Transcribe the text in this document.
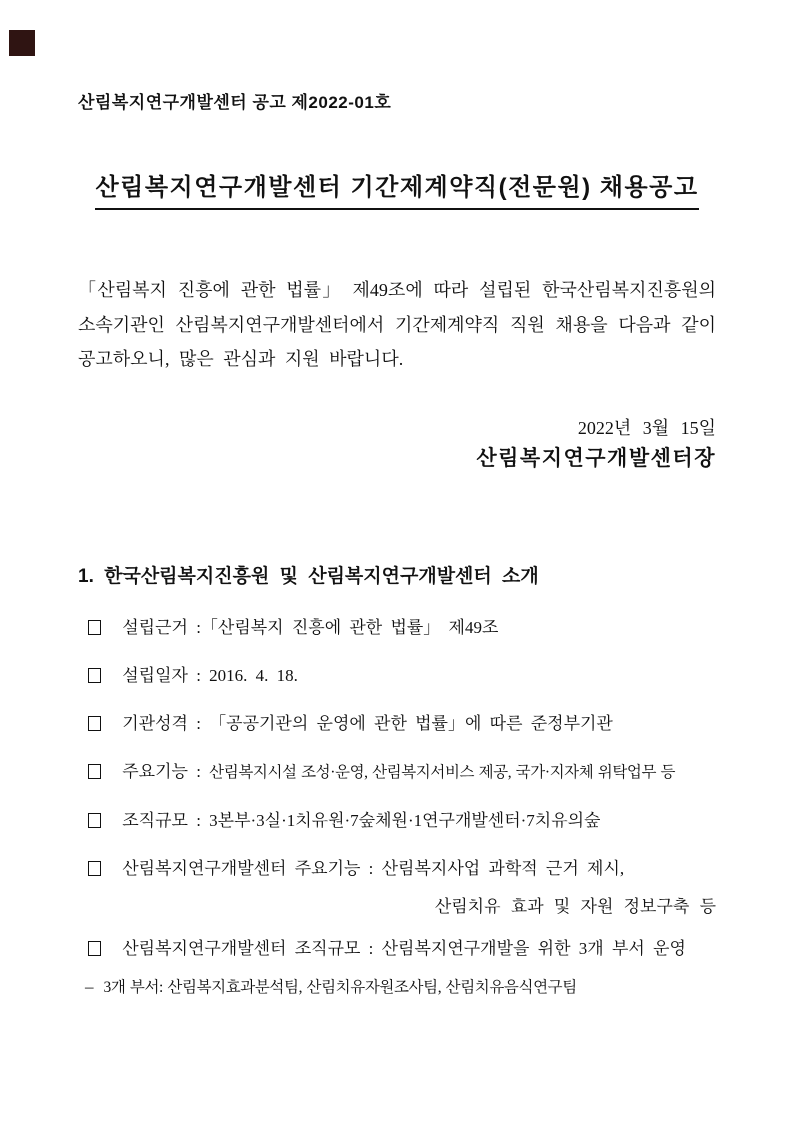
산림복지연구개발센터 공고 제2022-01호
산림복지연구개발센터 기간제계약직(전문원) 채용공고
「산림복지 진흥에 관한 법률」 제49조에 따라 설립된 한국산림복지진흥원의 소속기관인 산림복지연구개발센터에서 기간제계약직 직원 채용을 다음과 같이 공고하오니, 많은 관심과 지원 바랍니다.
2022년 3월 15일
산림복지연구개발센터장
1. 한국산림복지진흥원 및 산림복지연구개발센터 소개
설립근거 :「산림복지 진흥에 관한 법률」 제49조
설립일자 : 2016. 4. 18.
기관성격 : 「공공기관의 운영에 관한 법률」에 따른 준정부기관
주요기능 : 산림복지시설 조성·운영, 산림복지서비스 제공, 국가·지자체 위탁업무 등
조직규모 : 3본부·3실·1치유원·7숲체원·1연구개발센터·7치유의숲
산림복지연구개발센터 주요기능 : 산림복지사업 과학적 근거 제시,
산림치유 효과 및 자원 정보구축 등
산림복지연구개발센터 조직규모 : 산림복지연구개발을 위한 3개 부서 운영
– 3개 부서: 산림복지효과분석팀, 산림치유자원조사팀, 산림치유음식연구팀
